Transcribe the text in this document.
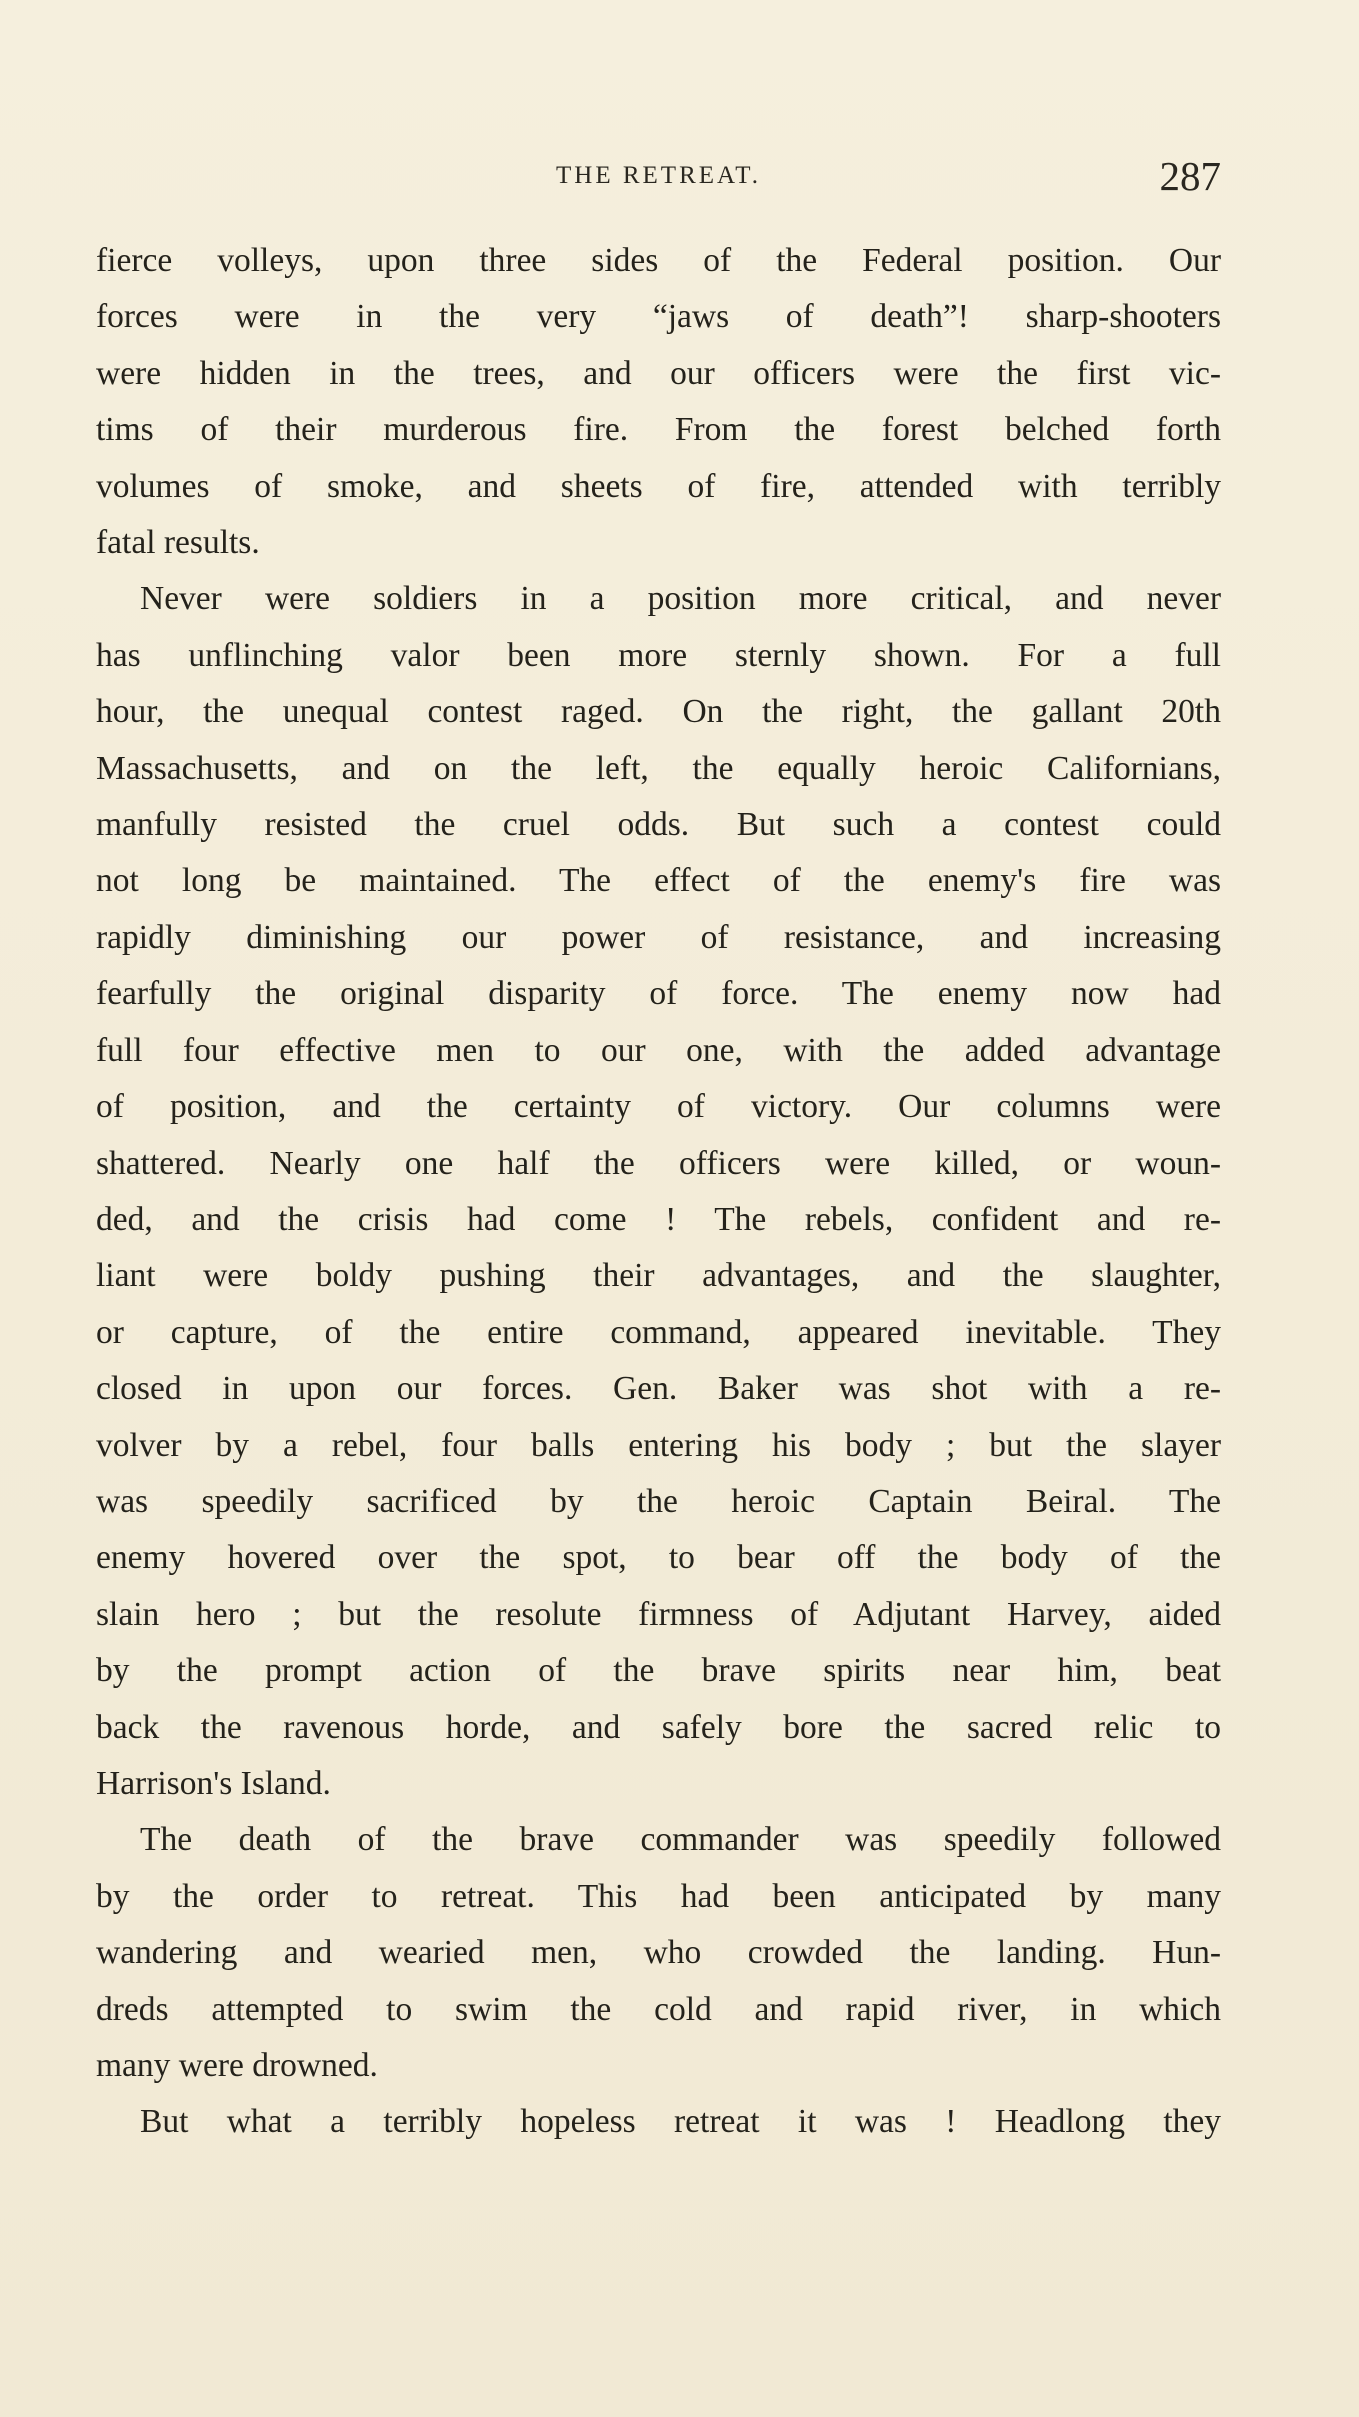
THE RETREAT.	287
fierce volleys, upon three sides of the Federal position. Our
forces were in the very “jaws of death”! sharp-shooters
were hidden in the trees, and our officers were the first vic-
tims of their murderous fire. From the forest belched forth
volumes of smoke, and sheets of fire, attended with terribly
fatal results.
Never were soldiers in a position more critical, and never
has unflinching valor been more sternly shown. For a full
hour, the unequal contest raged. On the right, the gallant 20th
Massachusetts, and on the left, the equally heroic Californians,
manfully resisted the cruel odds. But such a contest could
not long be maintained. The effect of the enemy's fire was
rapidly diminishing our power of resistance, and increasing
fearfully the original disparity of force. The enemy now had
full four effective men to our one, with the added advantage
of position, and the certainty of victory. Our columns were
shattered. Nearly one half the officers were killed, or woun-
ded, and the crisis had come ! The rebels, confident and re-
liant were boldy pushing their advantages, and the slaughter,
or capture, of the entire command, appeared inevitable. They
closed in upon our forces. Gen. Baker was shot with a re-
volver by a rebel, four balls entering his body ; but the slayer
was speedily sacrificed by the heroic Captain Beiral. The
enemy hovered over the spot, to bear off the body of the
slain hero ; but the resolute firmness of Adjutant Harvey, aided
by the prompt action of the brave spirits near him, beat
back the ravenous horde, and safely bore the sacred relic to
Harrison's Island.
The death of the brave commander was speedily followed
by the order to retreat. This had been anticipated by many
wandering and wearied men, who crowded the landing. Hun-
dreds attempted to swim the cold and rapid river, in which
many were drowned.
But what a terribly hopeless retreat it was ! Headlong they
